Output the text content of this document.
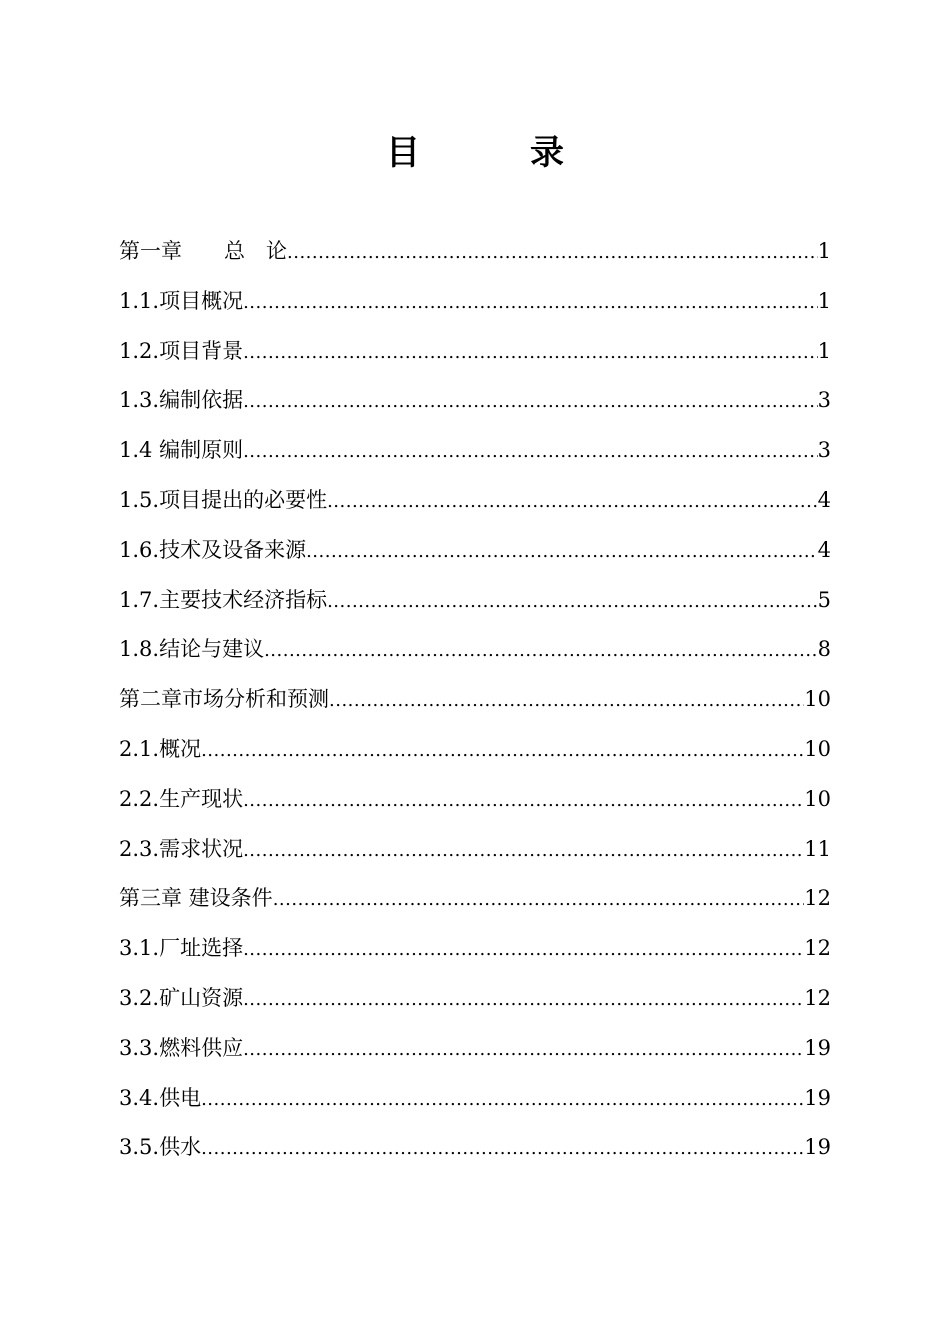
目　录
第一章　　总　论 .....	1
1.1.项目概况 .....	1
1.2.项目背景 .....	1
1.3.编制依据 .....	3
1.4 编制原则 .....	3
1.5.项目提出的必要性 .....	4
1.6.技术及设备来源 .....	4
1.7.主要技术经济指标 .....	5
1.8.结论与建议 .....	8
第二章市场分析和预测 .....	10
2.1.概况 .....	10
2.2.生产现状 .....	10
2.3.需求状况 .....	11
第三章 建设条件 .....	12
3.1.厂址选择 .....	12
3.2.矿山资源 .....	12
3.3.燃料供应 .....	19
3.4.供电 .....	19
3.5.供水 .....	19
